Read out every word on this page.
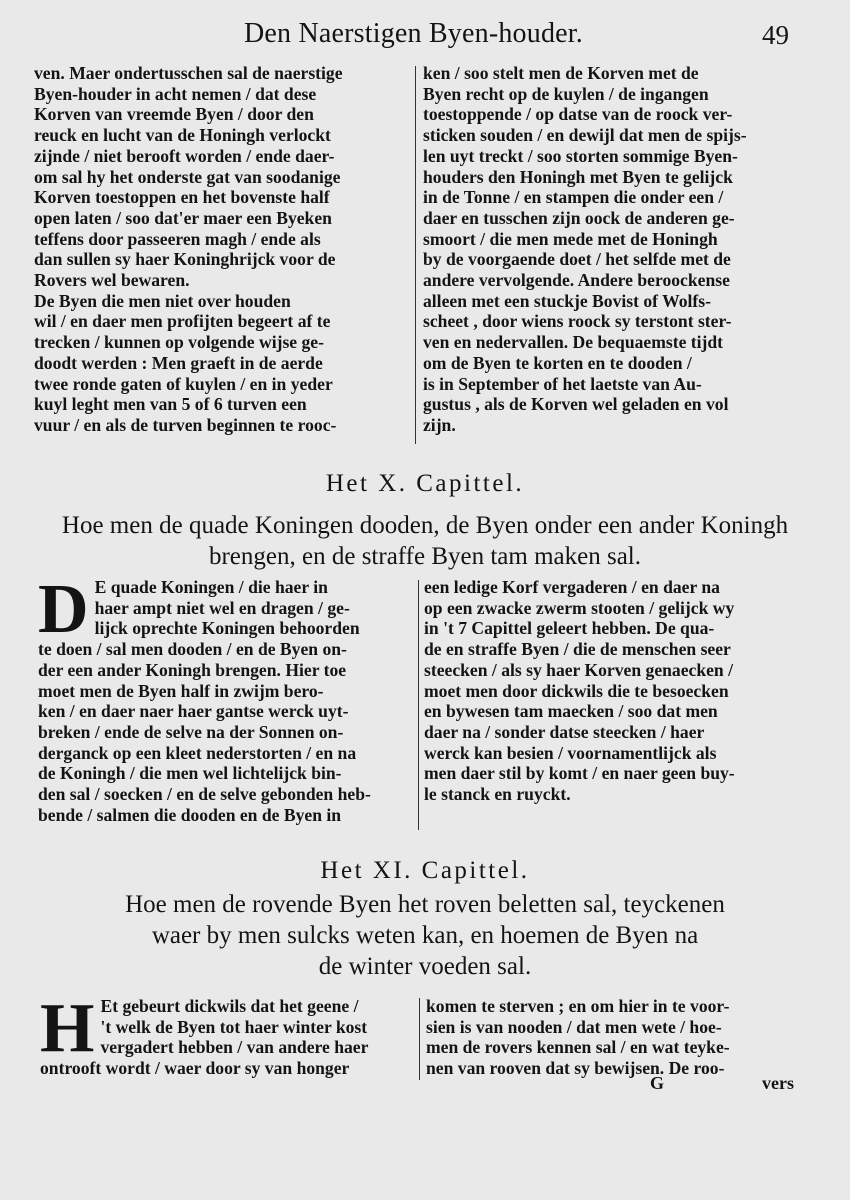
Den Naerstigen Byen-houder.	49
ven. Maer ondertusschen sal de naerstige
Byen-houder in acht nemen / dat dese
Korven van vreemde Byen / door den
reuck en lucht van de Honingh verlockt
zijnde / niet berooft worden / ende daer-
om sal hy het onderste gat van soodanige
Korven toestoppen en het bovenste half
open laten / soo dat'er maer een Byeken
teffens door passeeren magh / ende als
dan sullen sy haer Koninghrijck voor de
Rovers wel bewaren.
De Byen die men niet over houden
wil / en daer men profijten begeert af te
trecken / kunnen op volgende wijse ge-
doodt werden : Men graeft in de aerde
twee ronde gaten of kuylen / en in yeder
kuyl leght men van 5 of 6 turven een
vuur / en als de turven beginnen te rooc-
ken / soo stelt men de Korven met de
Byen recht op de kuylen / de ingangen
toestoppende / op datse van de roock ver-
sticken souden / en dewijl dat men de spijs-
len uyt treckt / soo storten sommige Byen-
houders den Honingh met Byen te gelijck
in de Tonne / en stampen die onder een /
daer en tusschen zijn oock de anderen ge-
smoort / die men mede met de Honingh
by de voorgaende doet / het selfde met de
andere vervolgende. Andere beroockense
alleen met een stuckje Bovist of Wolfs-
scheet , door wiens roock sy terstont ster-
ven en nedervallen. De bequaemste tijdt
om de Byen te korten en te dooden /
is in September of het laetste van Au-
gustus , als de Korven wel geladen en vol
zijn.
Het X. Capittel.
Hoe men de quade Koningen dooden, de Byen onder een ander Koningh brengen, en de straffe Byen tam maken sal.
D E quade Koningen / die haer in
haer ampt niet wel en dragen / ge-
lijck oprechte Koningen behoorden
te doen / sal men dooden / en de Byen on-
der een ander Koningh brengen. Hier toe
moet men de Byen half in zwijm bero-
ken / en daer naer haer gantse werck uyt-
breken / ende de selve na der Sonnen on-
derganck op een kleet nederstorten / en na
de Koningh / die men wel lichtelijck bin-
den sal / soecken / en de selve gebonden heb-
bende / salmen die dooden en de Byen in
een ledige Korf vergaderen / en daer na
op een zwacke zwerm stooten / gelijck wy
in 't 7 Capittel geleert hebben. De qua-
de en straffe Byen / die de menschen seer
steecken / als sy haer Korven genaecken /
moet men door dickwils die te besoecken
en bywesen tam maecken / soo dat men
daer na / sonder datse steecken / haer
werck kan besien / voornamentlijck als
men daer stil by komt / en naer geen buy-
le stanck en ruyckt.
Het XI. Capittel.
Hoe men de rovende Byen het roven beletten sal, teyckenen
waer by men sulcks weten kan, en hoemen de Byen na
de winter voeden sal.
H Et gebeurt dickwils dat het geene /
't welk de Byen tot haer winter kost
vergadert hebben / van andere haer
ontrooft wordt / waer door sy van honger
komen te sterven ; en om hier in te voor-
sien is van nooden / dat men wete / hoe-
men de rovers kennen sal / en wat teyke-
nen van rooven dat sy bewijsen. De roo-
G	vers
